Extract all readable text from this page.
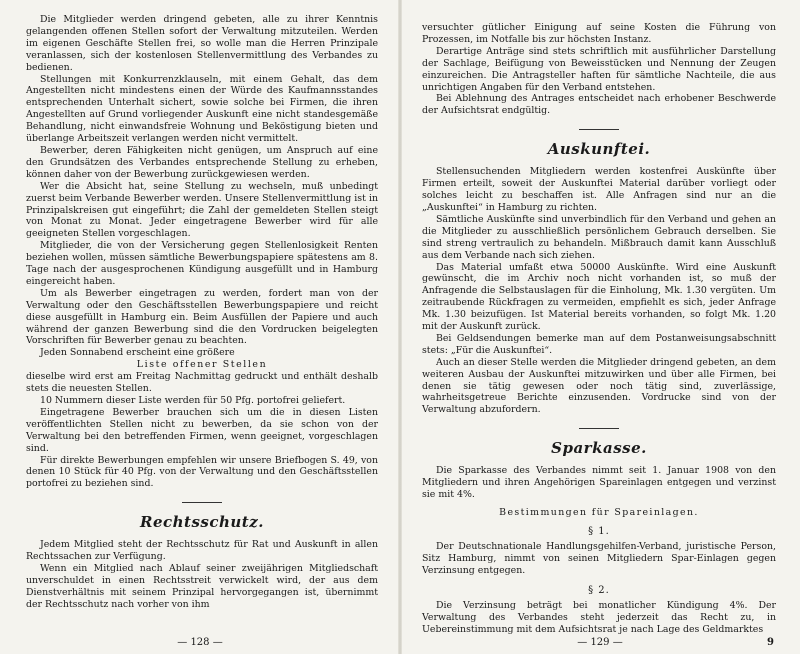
Die Mitglieder werden dringend gebeten, alle zu ihrer Kenntnis gelangenden offenen Stellen sofort der Verwaltung mitzuteilen. Werden im eigenen Geschäfte Stellen frei, so wolle man die Herren Prinzipale veranlassen, sich der kostenlosen Stellenvermittlung des Verbandes zu bedienen.

Stellungen mit Konkurrenzklauseln, mit einem Gehalt, das dem Angestellten nicht mindestens einen der Würde des Kaufmannsstandes entsprechenden Unterhalt sichert, sowie solche bei Firmen, die ihren Angestellten auf Grund vorliegender Auskunft eine nicht standesgemäße Behandlung, nicht einwandsfreie Wohnung und Beköstigung bieten und überlange Arbeitszeit verlangen werden nicht vermittelt.

Bewerber, deren Fähigkeiten nicht genügen, um Anspruch auf eine den Grundsätzen des Verbandes entsprechende Stellung zu erheben, können daher von der Bewerbung zurückgewiesen werden.

Wer die Absicht hat, seine Stellung zu wechseln, muß unbedingt zuerst beim Verbande Bewerber werden. Unsere Stellenvermittlung ist in Prinzipalskreisen gut eingeführt; die Zahl der gemeldeten Stellen steigt von Monat zu Monat. Jeder eingetragene Bewerber wird für alle geeigneten Stellen vorgeschlagen.

Mitglieder, die von der Versicherung gegen Stellenlosigkeit Renten beziehen wollen, müssen sämtliche Bewerbungspapiere spätestens am 8. Tage nach der ausgesprochenen Kündigung ausgefüllt und in Hamburg eingereicht haben.

Um als Bewerber eingetragen zu werden, fordert man von der Verwaltung oder den Geschäftsstellen Bewerbungspapiere und reicht diese ausgefüllt in Hamburg ein. Beim Ausfüllen der Papiere und auch während der ganzen Bewerbung sind die den Vordrucken beigelegten Vorschriften für Bewerber genau zu beachten.

Jeden Sonnabend erscheint eine größere

Liste offener Stellen

dieselbe wird erst am Freitag Nachmittag gedruckt und enthält deshalb stets die neuesten Stellen.

10 Nummern dieser Liste werden für 50 Pfg. portofrei geliefert.

Eingetragene Bewerber brauchen sich um die in diesen Listen veröffentlichten Stellen nicht zu bewerben, da sie schon von der Verwaltung bei den betreffenden Firmen, wenn geeignet, vorgeschlagen sind.

Für direkte Bewerbungen empfehlen wir unsere Briefbogen S. 49, von denen 10 Stück für 40 Pfg. von der Verwaltung und den Geschäftsstellen portofrei zu beziehen sind.

Rechtsschutz.

Jedem Mitglied steht der Rechtsschutz für Rat und Auskunft in allen Rechtssachen zur Verfügung.

Wenn ein Mitglied nach Ablauf seiner zweijährigen Mitgliedschaft unverschuldet in einen Rechtsstreit verwickelt wird, der aus dem Dienstverhältnis mit seinem Prinzipal hervorgegangen ist, übernimmt der Rechtsschutz nach vorher von ihm

— 128 —

versuchter gütlicher Einigung auf seine Kosten die Führung von Prozessen, im Notfalle bis zur höchsten Instanz.

Derartige Anträge sind stets schriftlich mit ausführlicher Darstellung der Sachlage, Beifügung von Beweisstücken und Nennung der Zeugen einzureichen. Die Antragsteller haften für sämtliche Nachteile, die aus unrichtigen Angaben für den Verband entstehen.

Bei Ablehnung des Antrages entscheidet nach erhobener Beschwerde der Aufsichtsrat endgültig.

Auskunftei.

Stellensuchenden Mitgliedern werden kostenfrei Auskünfte über Firmen erteilt, soweit der Auskunftei Material darüber vorliegt oder solches leicht zu beschaffen ist. Alle Anfragen sind nur an die „Auskunftei“ in Hamburg zu richten.

Sämtliche Auskünfte sind unverbindlich für den Verband und gehen an die Mitglieder zu ausschließlich persönlichem Gebrauch derselben. Sie sind streng vertraulich zu behandeln. Mißbrauch damit kann Ausschluß aus dem Verbande nach sich ziehen.

Das Material umfaßt etwa 50000 Auskünfte. Wird eine Auskunft gewünscht, die im Archiv noch nicht vorhanden ist, so muß der Anfragende die Selbstauslagen für die Einholung, Mk. 1.30 vergüten. Um zeitraubende Rückfragen zu vermeiden, empfiehlt es sich, jeder Anfrage Mk. 1.30 beizufügen. Ist Material bereits vorhanden, so folgt Mk. 1.20 mit der Auskunft zurück.

Bei Geldsendungen bemerke man auf dem Postanweisungsabschnitt stets: „Für die Auskunftei“.

Auch an dieser Stelle werden die Mitglieder dringend gebeten, an dem weiteren Ausbau der Auskunftei mitzuwirken und über alle Firmen, bei denen sie tätig gewesen oder noch tätig sind, zuverlässige, wahrheitsgetreue Berichte einzusenden. Vordrucke sind von der Verwaltung abzufordern.

Sparkasse.

Die Sparkasse des Verbandes nimmt seit 1. Januar 1908 von den Mitgliedern und ihren Angehörigen Spareinlagen entgegen und verzinst sie mit 4%.

Bestimmungen für Spareinlagen.
§ 1.

Der Deutschnationale Handlungsgehilfen-Verband, juristische Person, Sitz Hamburg, nimmt von seinen Mitgliedern Spar-Einlagen gegen Verzinsung entgegen.

§ 2.

Die Verzinsung beträgt bei monatlicher Kündigung 4%. Der Verwaltung des Verbandes steht jederzeit das Recht zu, in Uebereinstimmung mit dem Aufsichtsrat je nach Lage des Geldmarktes

— 129 —	9
